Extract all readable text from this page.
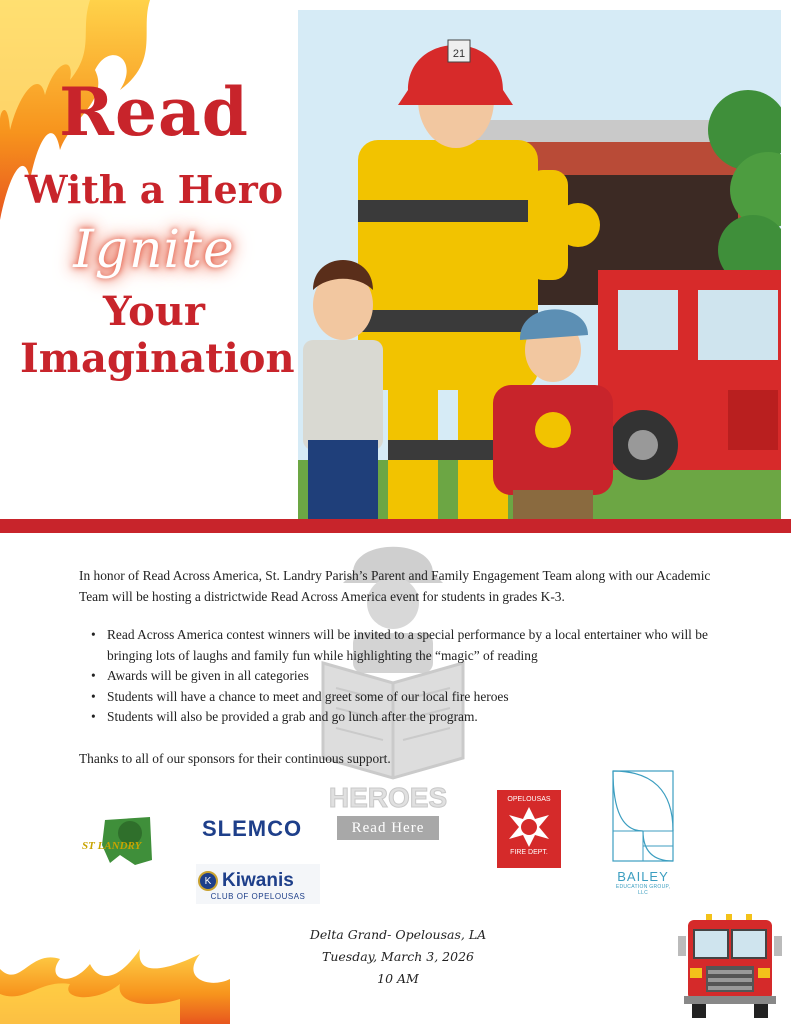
Read
With a Hero
Ignite
Your
Imagination
21

In honor of Read Across America, St. Landry Parish’s Parent and Family Engagement Team along with our Academic Team will be hosting a districtwide Read Across America event for students in grades K-3.

• Read Across America contest winners will be invited to a special performance by a local entertainer who will be bringing lots of laughs and family fun while highlighting the “magic” of reading
• Awards will be given in all categories
• Students will have a chance to meet and greet some of our local fire heroes
• Students will also be provided a grab and go lunch after the program.

Thanks to all of our sponsors for their continuous support.

HEROES
Read Here
ST LANDRY
SLEMCO
K Kiwanis
CLUB OF OPELOUSAS
OPELOUSAS
FIRE DEPT.
BAILEY
EDUCATION GROUP, LLC
Delta Grand- Opelousas, LA
Tuesday, March 3, 2026
10 AM
